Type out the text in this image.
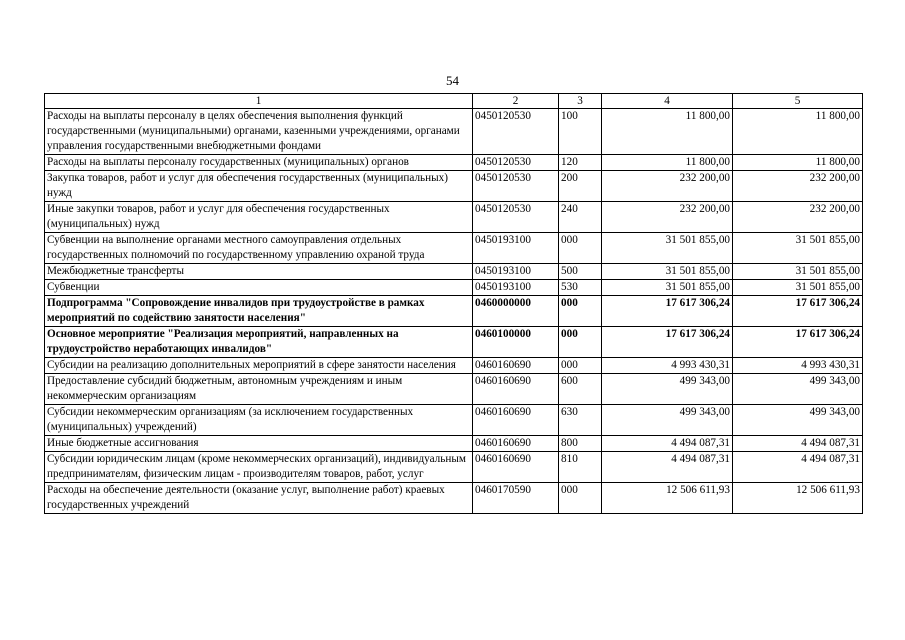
54
1	2	3	4	5
Расходы на выплаты персоналу в целях обеспечения выполнения функций государственными (муниципальными) органами, казенными учреждениями, органами управления государственными внебюджетными фондами	0450120530	100	11 800,00	11 800,00
Расходы на выплаты персоналу государственных (муниципальных) органов	0450120530	120	11 800,00	11 800,00
Закупка товаров, работ и услуг для обеспечения государственных (муниципальных) нужд	0450120530	200	232 200,00	232 200,00
Иные закупки товаров, работ и услуг для обеспечения государственных (муниципальных) нужд	0450120530	240	232 200,00	232 200,00
Субвенции на выполнение органами местного самоуправления отдельных государственных полномочий по государственному управлению охраной труда	0450193100	000	31 501 855,00	31 501 855,00
Межбюджетные трансферты	0450193100	500	31 501 855,00	31 501 855,00
Субвенции	0450193100	530	31 501 855,00	31 501 855,00
Подпрограмма "Сопровождение инвалидов при трудоустройстве в рамках мероприятий по содействию занятости населения"	0460000000	000	17 617 306,24	17 617 306,24
Основное мероприятие "Реализация мероприятий, направленных на трудоустройство неработающих инвалидов"	0460100000	000	17 617 306,24	17 617 306,24
Субсидии на реализацию дополнительных мероприятий в сфере занятости населения	0460160690	000	4 993 430,31	4 993 430,31
Предоставление субсидий бюджетным, автономным учреждениям и иным некоммерческим организациям	0460160690	600	499 343,00	499 343,00
Субсидии некоммерческим организациям (за исключением государственных (муниципальных) учреждений)	0460160690	630	499 343,00	499 343,00
Иные бюджетные ассигнования	0460160690	800	4 494 087,31	4 494 087,31
Субсидии юридическим лицам (кроме некоммерческих организаций), индивидуальным предпринимателям, физическим лицам - производителям товаров, работ, услуг	0460160690	810	4 494 087,31	4 494 087,31
Расходы на обеспечение деятельности (оказание услуг, выполнение работ) краевых государственных учреждений	0460170590	000	12 506 611,93	12 506 611,93
